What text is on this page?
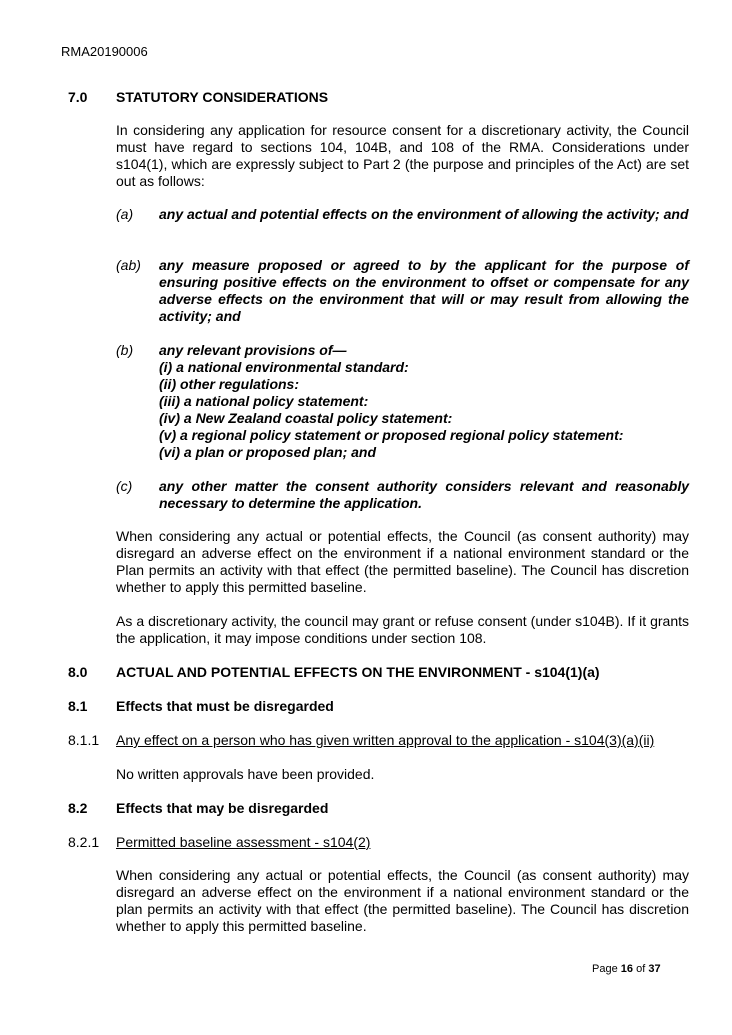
RMA20190006
7.0 STATUTORY CONSIDERATIONS

In considering any application for resource consent for a discretionary activity, the Council must have regard to sections 104, 104B, and 108 of the RMA. Considerations under s104(1), which are expressly subject to Part 2 (the purpose and principles of the Act) are set out as follows:

(a) any actual and potential effects on the environment of allowing the activity; and
(ab) any measure proposed or agreed to by the applicant for the purpose of ensuring positive effects on the environment to offset or compensate for any adverse effects on the environment that will or may result from allowing the activity; and
(b) any relevant provisions of—
(i) a national environmental standard:
(ii) other regulations:
(iii) a national policy statement:
(iv) a New Zealand coastal policy statement:
(v) a regional policy statement or proposed regional policy statement:
(vi) a plan or proposed plan; and
(c) any other matter the consent authority considers relevant and reasonably necessary to determine the application.

When considering any actual or potential effects, the Council (as consent authority) may disregard an adverse effect on the environment if a national environment standard or the Plan permits an activity with that effect (the permitted baseline). The Council has discretion whether to apply this permitted baseline.

As a discretionary activity, the council may grant or refuse consent (under s104B). If it grants the application, it may impose conditions under section 108.

8.0 ACTUAL AND POTENTIAL EFFECTS ON THE ENVIRONMENT - s104(1)(a)
8.1 Effects that must be disregarded
8.1.1 Any effect on a person who has given written approval to the application - s104(3)(a)(ii)

No written approvals have been provided.

8.2 Effects that may be disregarded
8.2.1 Permitted baseline assessment - s104(2)

When considering any actual or potential effects, the Council (as consent authority) may disregard an adverse effect on the environment if a national environment standard or the plan permits an activity with that effect (the permitted baseline). The Council has discretion whether to apply this permitted baseline.

Page 16 of 37
